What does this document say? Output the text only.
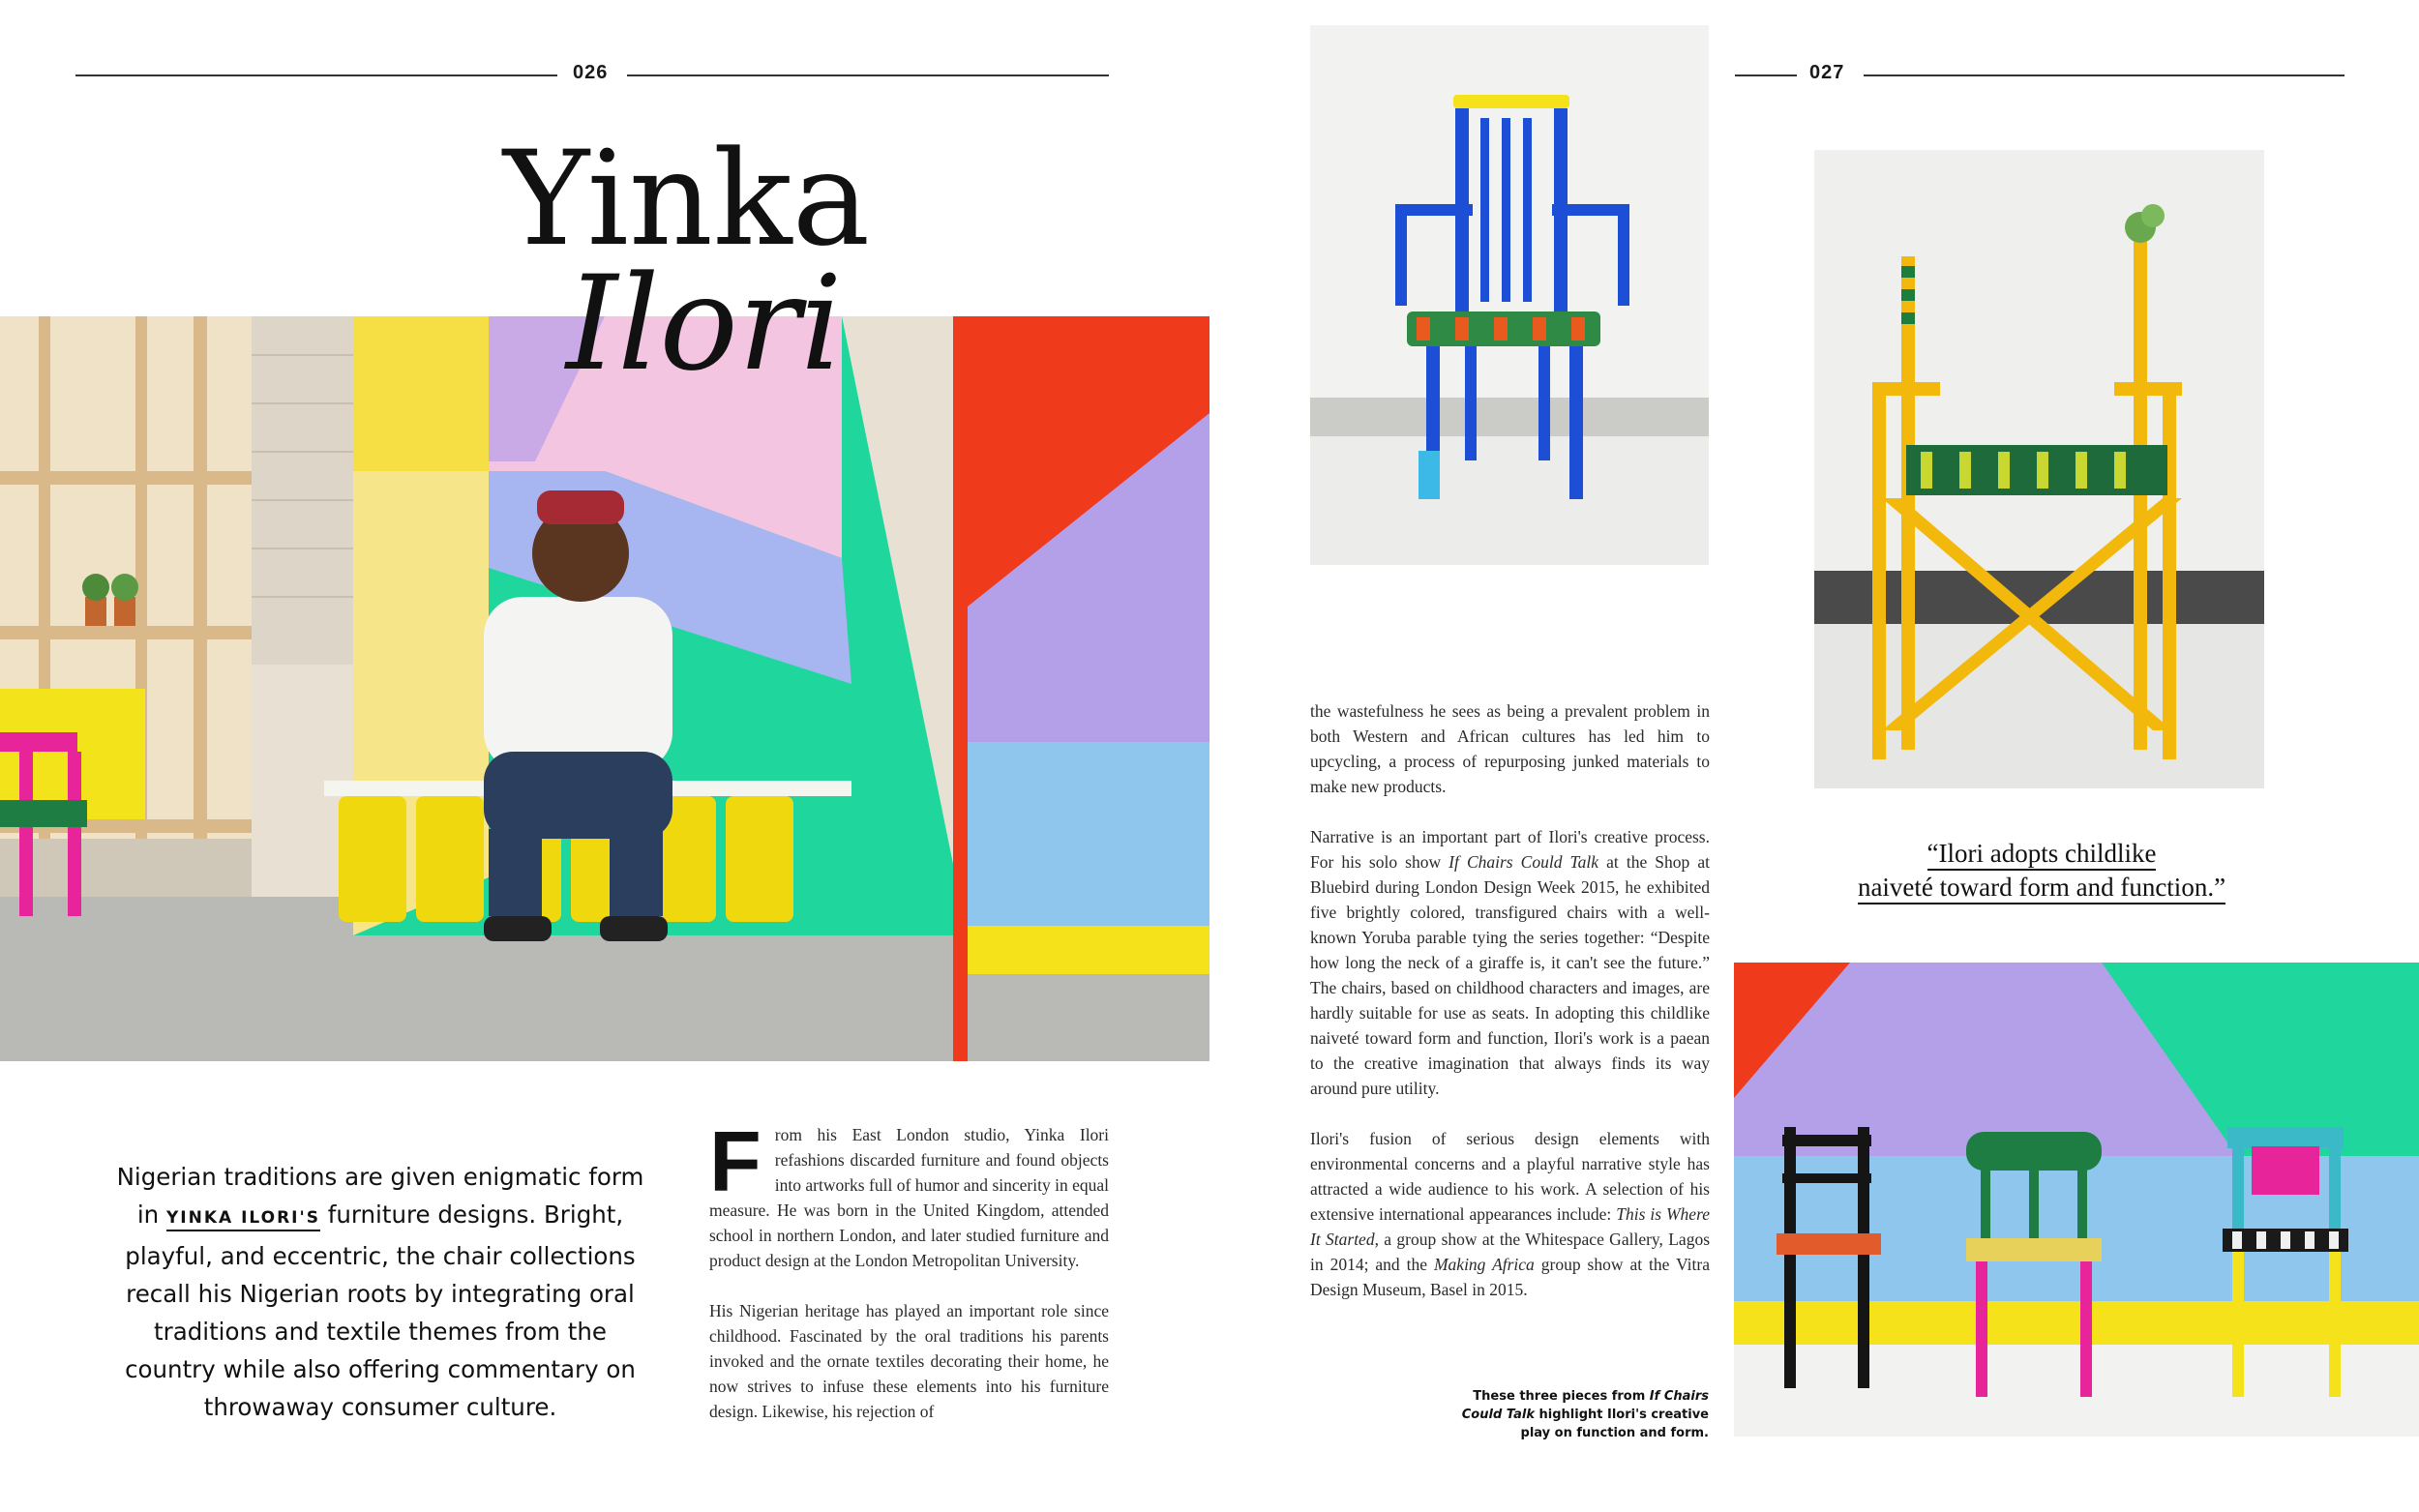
026
Yinka
Ilori
Nigerian traditions are given enigmatic form in YINKA ILORI'S furniture designs. Bright, playful, and eccentric, the chair collections recall his Nigerian roots by integrating oral traditions and textile themes from the country while also offering commentary on throwaway consumer culture.

From his East London studio, Yinka Ilori refashions discarded furniture and found objects into artworks full of humor and sincerity in equal measure. He was born in the United Kingdom, attended school in northern London, and later studied furniture and product design at the London Metropolitan University.

His Nigerian heritage has played an important role since childhood. Fascinated by the oral traditions his parents invoked and the ornate textiles decorating their home, he now strives to infuse these elements into his furniture design. Likewise, his rejection of

027
“Ilori adopts childlike
naiveté toward form and function.”

the wastefulness he sees as being a prevalent problem in both Western and African cultures has led him to upcycling, a process of repurposing junked materials to make new products.

Narrative is an important part of Ilori's creative process. For his solo show If Chairs Could Talk at the Shop at Bluebird during London Design Week 2015, he exhibited five brightly colored, transfigured chairs with a well-known Yoruba parable tying the series together: “Despite how long the neck of a giraffe is, it can't see the future.” The chairs, based on childhood characters and images, are hardly suitable for use as seats. In adopting this childlike naiveté toward form and function, Ilori's work is a paean to the creative imagination that always finds its way around pure utility.

Ilori's fusion of serious design elements with environmental concerns and a playful narrative style has attracted a wide audience to his work. A selection of his extensive international appearances include: This is Where It Started, a group show at the Whitespace Gallery, Lagos in 2014; and the Making Africa group show at the Vitra Design Museum, Basel in 2015.

These three pieces from If Chairs Could Talk highlight Ilori's creative play on function and form.
